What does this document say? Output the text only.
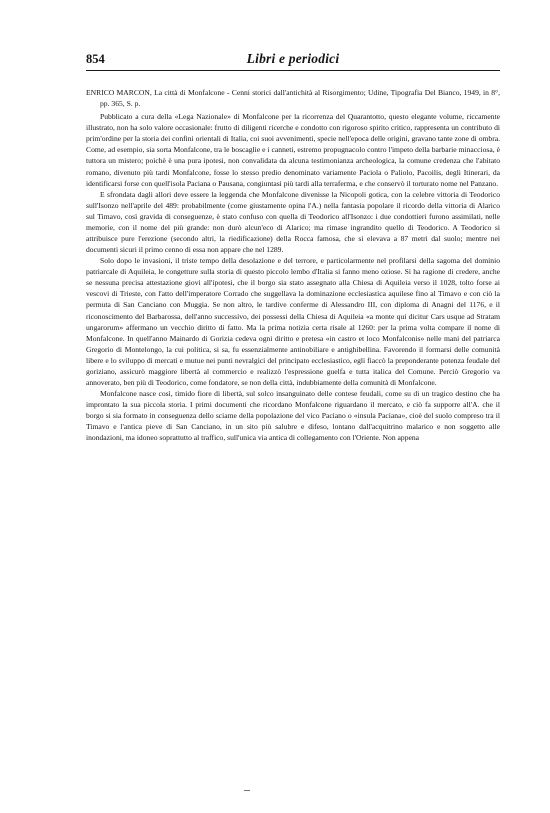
854	Libri e periodici

ENRICO MARCON, La città di Monfalcone - Cenni storici dall'antichità al Risorgimento; Udine, Tipografia Del Bianco, 1949, in 8°, pp. 365, S. p.

Pubblicato a cura della «Lega Nazionale» di Monfalcone per la ricorrenza del Quarantotto, questo elegante volume, riccamente illustrato, non ha solo valore occasionale: frutto di diligenti ricerche e condotto con rigoroso spirito critico, rappresenta un contributo di prim'ordine per la storia dei confini orientali di Italia, coi suoi avvenimenti, specie nell'epoca delle origini, gravano tante zone di ombra. Come, ad esempio, sia sorta Monfalcone, tra le boscaglie e i canneti, estremo propugnacolo contro l'impeto della barbarie minacciosa, è tuttora un mistero; poichè è una pura ipotesi, non convalidata da alcuna testimonianza archeologica, la comune credenza che l'abitato romano, divenuto più tardi Monfalcone, fosse lo stesso predio denominato variamente Paciola o Paliolo, Pacoilis, degli Itinerari, da identificarsi forse con quell'isola Paciana o Pausana, congiuntasi più tardi alla terraferma, e che conservò il torturato nome nel Panzano.

E sfrondata dagli allori deve essere la leggenda che Monfalcone divenisse la Nicopoli gotica, con la celebre vittoria di Teodorico sull'Isonzo nell'aprile del 489: probabilmente (come giustamente opina l'A.) nella fantasia popolare il ricordo della vittoria di Alarico sul Timavo, così gravida di conseguenze, è stato confuso con quella di Teodorico all'Isonzo: i due condottieri furono assimilati, nelle memorie, con il nome del più grande: non durò alcun'eco di Alarico; ma rimase ingrandito quello di Teodorico. A Teodorico si attribuisce pure l'erezione (secondo altri, la riedificazione) della Rocca famosa, che si elevava a 87 metri dal suolo; mentre nei documenti sicuri il primo cenno di essa non appare che nel 1289.

Solo dopo le invasioni, il triste tempo della desolazione e del terrore, e particolarmente nel profilarsi della sagoma del dominio patriarcale di Aquileia, le congetture sulla storia di questo piccolo lembo d'Italia si fanno meno oziose. Si ha ragione di credere, anche se nessuna precisa attestazione giovi all'ipotesi, che il borgo sia stato assegnato alla Chiesa di Aquileia verso il 1028, tolto forse ai vescovi di Trieste, con l'atto dell'imperatore Corrado che suggellava la dominazione ecclesiastica aquilese fino al Timavo e con ciò la permuta di San Canciano con Muggia. Se non altro, le tardive conferme di Alessandro III, con diploma di Anagni del 1176, e il riconoscimento del Barbarossa, dell'anno successivo, dei possessi della Chiesa di Aquileia «a monte qui dicitur Cars usque ad Stratam ungarorum» affermano un vecchio diritto di fatto. Ma la prima notizia certa risale al 1260: per la prima volta compare il nome di Monfalcone. In quell'anno Mainardo di Gorizia cedeva ogni diritto e pretesa «in castro et loco Monfalconis» nelle mani del patriarca Gregorio di Montelongo, la cui politica, si sa, fu essenzialmente antinobiliare e antighibellina. Favorendo il formarsi delle comunità libere e lo sviluppo di mercati e mutue nei punti nevralgici del principato ecclesiastico, egli fiaccò la preponderante potenza feudale del goriziano, assicurò maggiore libertà al commercio e realizzò l'espressione guelfa e tutta italica del Comune. Perciò Gregorio va annoverato, ben più di Teodorico, come fondatore, se non della città, indubbiamente della comunità di Monfalcone.

Monfalcone nasce così, timido fiore di libertà, sul solco insanguinato delle contese feudali, come su di un tragico destino che ha improntato la sua piccola storia. I primi documenti che ricordano Monfalcone riguardano il mercato, e ciò fa supporre all'A. che il borgo si sia formato in conseguenza dello sciame della popolazione del vico Paciano o «insula Paciana», cioè del suolo compreso tra il Timavo e l'antica pieve di San Canciano, in un sito più salubre e difeso, lontano dall'acquitrino malarico e non soggetto alle inondazioni, ma idoneo soprattutto al traffico, sull'unica via antica di collegamento con l'Oriente. Non appena
